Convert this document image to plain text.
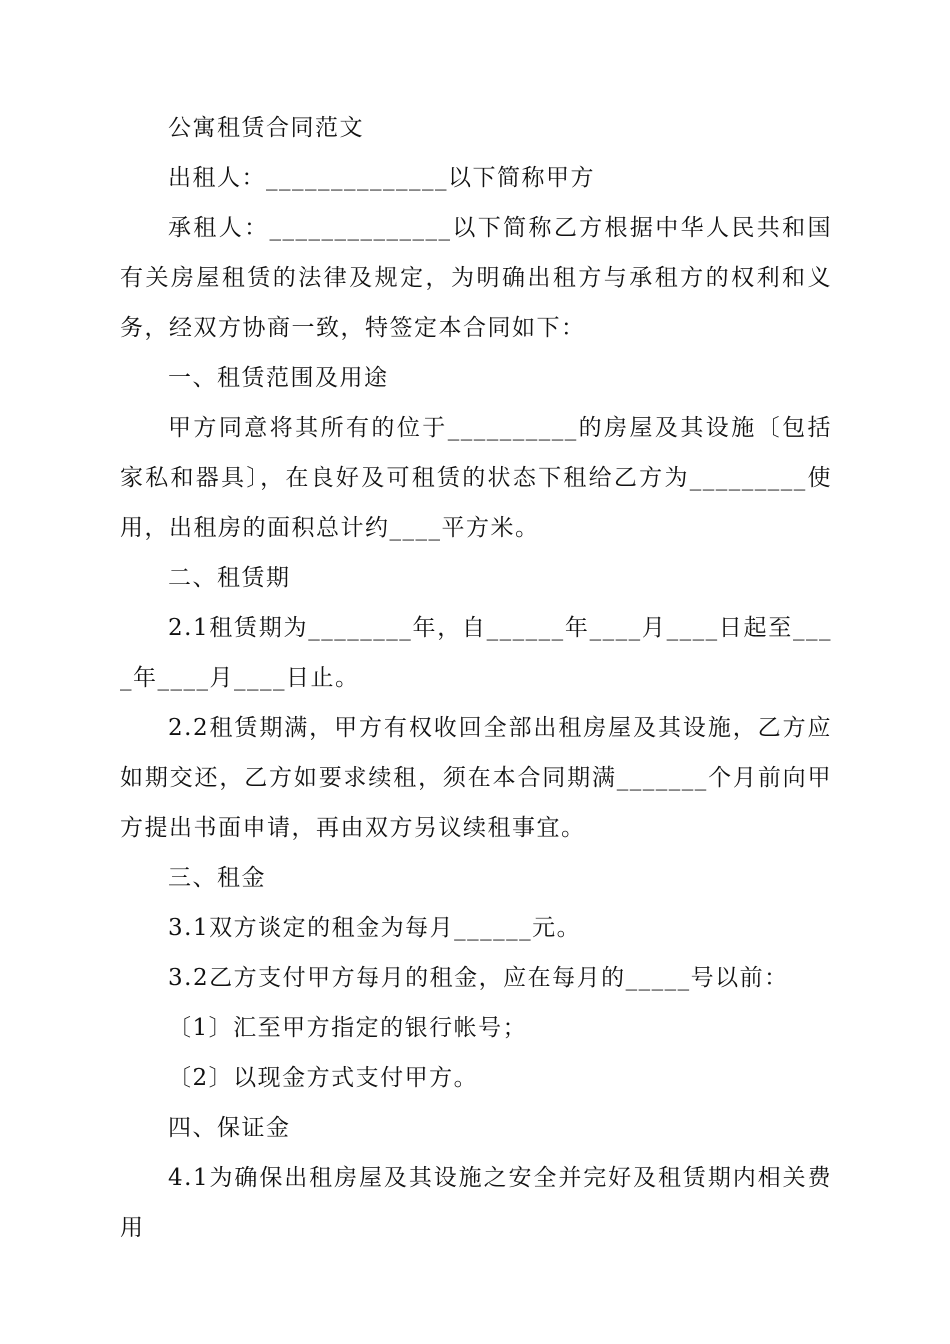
公寓租赁合同范文

出租人：______________以下简称甲方

承租人：______________以下简称乙方根据中华人民共和国有关房屋租赁的法律及规定，为明确出租方与承租方的权利和义务，经双方协商一致，特签定本合同如下：

一、租赁范围及用途

甲方同意将其所有的位于__________的房屋及其设施〔包括家私和器具〕，在良好及可租赁的状态下租给乙方为_________使用，出租房的面积总计约____平方米。

二、租赁期

2.1租赁期为________年，自______年____月____日起至____年____月____日止。

2.2租赁期满，甲方有权收回全部出租房屋及其设施，乙方应如期交还，乙方如要求续租，须在本合同期满_______个月前向甲方提出书面申请，再由双方另议续租事宜。

三、租金

3.1双方谈定的租金为每月______元。

3.2乙方支付甲方每月的租金，应在每月的_____号以前：

〔1〕汇至甲方指定的银行帐号；

〔2〕以现金方式支付甲方。

四、保证金

4.1为确保出租房屋及其设施之安全并完好及租赁期内相关费用
